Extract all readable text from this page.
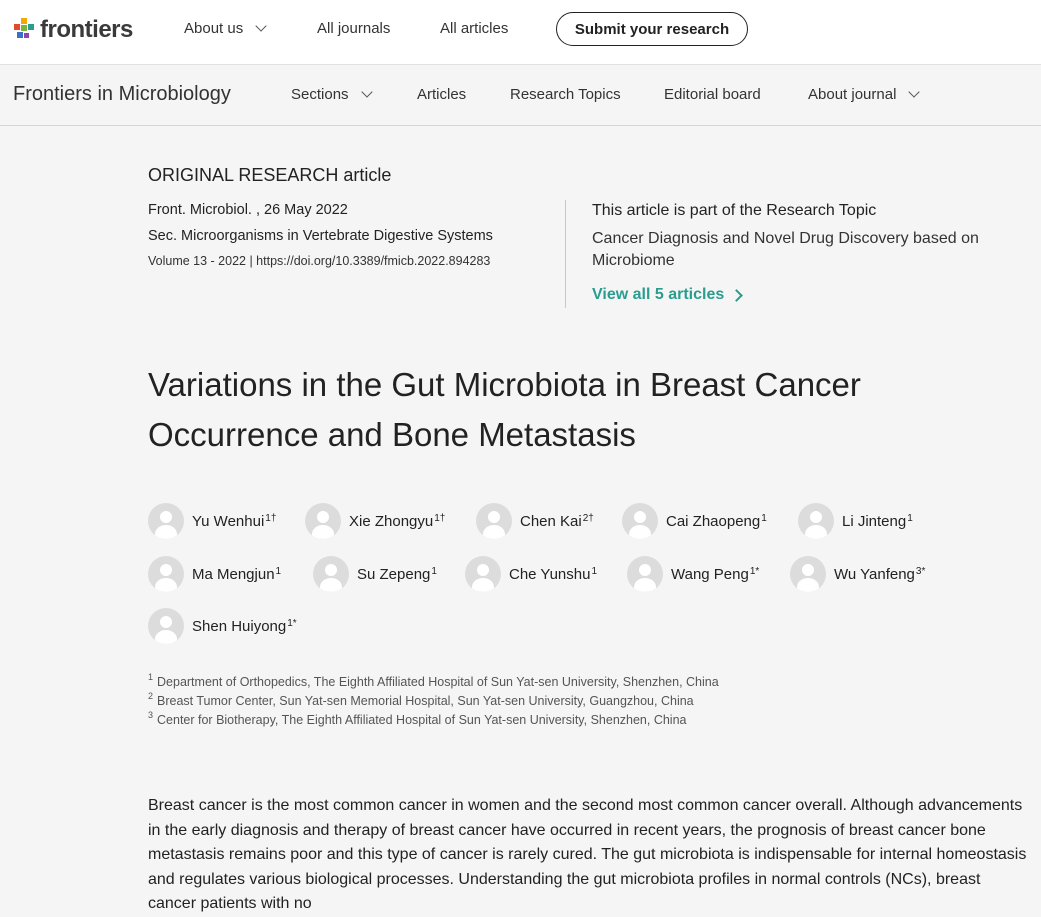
frontiers	About us	All journals	All articles	Submit your research
Frontiers in Microbiology	Sections	Articles	Research Topics	Editorial board	About journal
ORIGINAL RESEARCH article
Front. Microbiol. , 26 May 2022
Sec. Microorganisms in Vertebrate Digestive Systems
Volume 13 - 2022 | https://doi.org/10.3389/fmicb.2022.894283
This article is part of the Research Topic
Cancer Diagnosis and Novel Drug Discovery based on Microbiome
View all 5 articles
Variations in the Gut Microbiota in Breast Cancer
Occurrence and Bone Metastasis
Yu Wenhui$^{1\dagger}$	Xie Zhongyu$^{1\dagger}$	Chen Kai$^{2\dagger}$	Cai Zhaopeng$^1$	Li Jinteng$^1$
Ma Mengjun$^1$	Su Zepeng$^1$	Che Yunshu$^1$	Wang Peng$^{1*}$	Wu Yanfeng$^{3*}$
Shen Huiyong$^{1*}$
$^1$ Department of Orthopedics, The Eighth Affiliated Hospital of Sun Yat-sen University, Shenzhen, China
$^2$ Breast Tumor Center, Sun Yat-sen Memorial Hospital, Sun Yat-sen University, Guangzhou, China
$^3$ Center for Biotherapy, The Eighth Affiliated Hospital of Sun Yat-sen University, Shenzhen, China

Breast cancer is the most common cancer in women and the second most common cancer overall. Although advancements in the early diagnosis and therapy of breast cancer have occurred in recent years, the prognosis of breast cancer bone metastasis remains poor and this type of cancer is rarely cured. The gut microbiota is indispensable for internal homeostasis and regulates various biological processes. Understanding the gut microbiota profiles in normal controls (NCs), breast cancer patients with no
